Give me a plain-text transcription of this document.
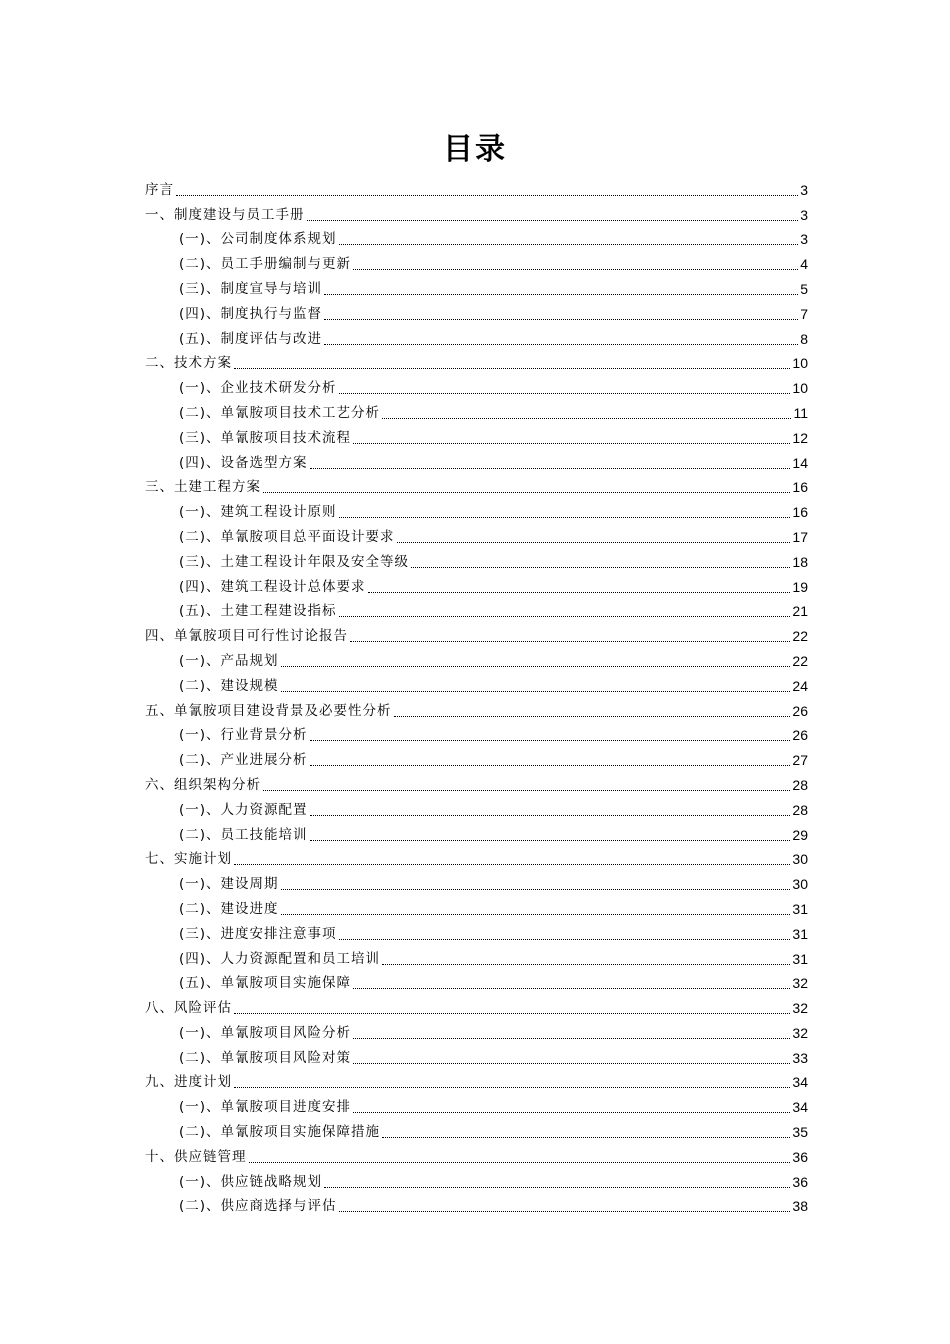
目录
序言	3
一、制度建设与员工手册	3
(一)、公司制度体系规划	3
(二)、员工手册编制与更新	4
(三)、制度宣导与培训	5
(四)、制度执行与监督	7
(五)、制度评估与改进	8
二、技术方案	10
(一)、企业技术研发分析	10
(二)、单氰胺项目技术工艺分析	11
(三)、单氰胺项目技术流程	12
(四)、设备选型方案	14
三、土建工程方案	16
(一)、建筑工程设计原则	16
(二)、单氰胺项目总平面设计要求	17
(三)、土建工程设计年限及安全等级	18
(四)、建筑工程设计总体要求	19
(五)、土建工程建设指标	21
四、单氰胺项目可行性讨论报告	22
(一)、产品规划	22
(二)、建设规模	24
五、单氰胺项目建设背景及必要性分析	26
(一)、行业背景分析	26
(二)、产业进展分析	27
六、组织架构分析	28
(一)、人力资源配置	28
(二)、员工技能培训	29
七、实施计划	30
(一)、建设周期	30
(二)、建设进度	31
(三)、进度安排注意事项	31
(四)、人力资源配置和员工培训	31
(五)、单氰胺项目实施保障	32
八、风险评估	32
(一)、单氰胺项目风险分析	32
(二)、单氰胺项目风险对策	33
九、进度计划	34
(一)、单氰胺项目进度安排	34
(二)、单氰胺项目实施保障措施	35
十、供应链管理	36
(一)、供应链战略规划	36
(二)、供应商选择与评估	38
